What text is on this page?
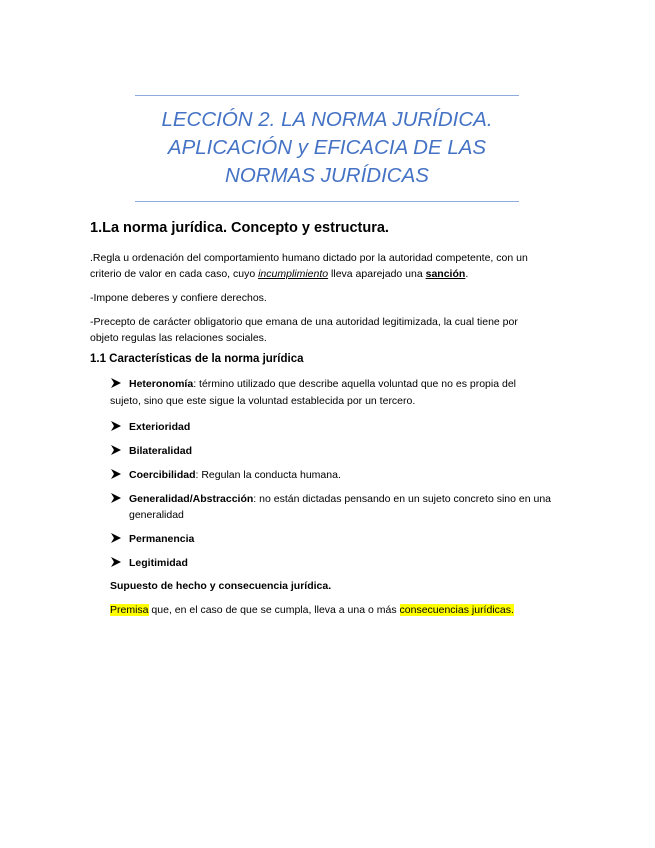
LECCIÓN 2. LA NORMA JURÍDICA.
APLICACIÓN y EFICACIA DE LAS
NORMAS JURÍDICAS
1.La norma jurídica. Concepto y estructura.
.Regla u ordenación del comportamiento humano dictado por la autoridad competente, con un
criterio de valor en cada caso, cuyo incumplimiento lleva aparejado una sanción.
-Impone deberes y confiere derechos.
-Precepto de carácter obligatorio que emana de una autoridad legitimizada, la cual tiene por
objeto regulas las relaciones sociales.
1.1 Características de la norma jurídica
Heteronomía: término utilizado que describe aquella voluntad que no es propia del
sujeto, sino que este sigue la voluntad establecida por un tercero.
Exterioridad
Bilateralidad
Coercibilidad: Regulan la conducta humana.
Generalidad/Abstracción: no están dictadas pensando en un sujeto concreto sino en una
generalidad
Permanencia
Legitimidad
Supuesto de hecho y consecuencia jurídica.
Premisa que, en el caso de que se cumpla, lleva a una o más consecuencias jurídicas.
